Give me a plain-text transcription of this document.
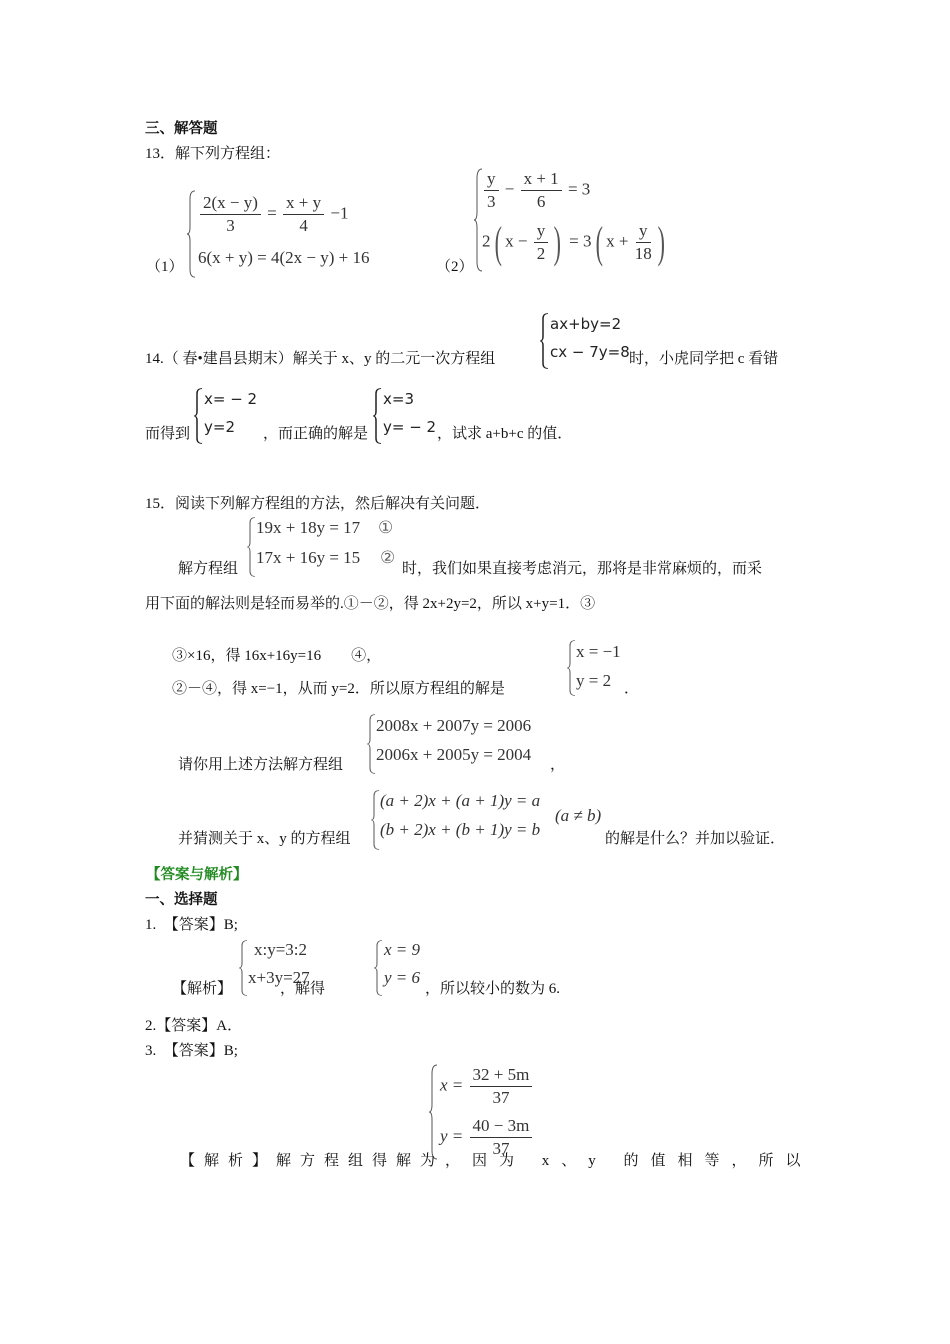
三、解答题
13．解下列方程组：
（1）
$\frac{2(x - y)}{3} = \frac{x + y}{4} -1$
6(x + y) = 4(2x − y) + 16	（2）
$\frac{y}{3} - \frac{x + 1}{6} = 3$
2( $x - \frac{y}{2}$ ) = 3( $x + \frac{y}{18}$ )
14.（ 春•建昌县期末）解关于 x、y 的二元一次方程组
ax+by=2
cx − 7y=8 时，小虎同学把 c 看错
而得到
x= − 2
y=2 ，而正确的解是
x=3
y= − 2 ，试求 a+b+c 的值．
15．阅读下列解方程组的方法，然后解决有关问题．
解方程组
19x + 18y = 17 ①
17x + 16y = 15 ②
时，我们如果直接考虑消元，那将是非常麻烦的，而采
用下面的解法则是轻而易举的.①－②，得 2x+2y=2，所以 x+y=1．③
③×16，得 16x+16y=16　　④，
②－④，得 x=−1，从而 y=2．所以原方程组的解是
x = −1
y = 2 ．
请你用上述方法解方程组
2008x + 2007y = 2006
2006x + 2005y = 2004
，
并猜测关于 x、y 的方程组
(a + 2)x + (a + 1)y = a
(b + 2)x + (b + 1)y = b
(a ≠ b)
的解是什么？并加以验证．
【答案与解析】
一、选择题
1.　【答案】B;
【解析】
x:y=3:2
x+3y=27
，解得
x = 9
y = 6
，所以较小的数为 6.
2.【答案】A．
3.　【答案】B;
$x = \frac{32 + 5m}{37}$
$y = \frac{40 - 3m}{37}$
【解析】解方程组得解为 ，因为 x、y 的值相等，所以
